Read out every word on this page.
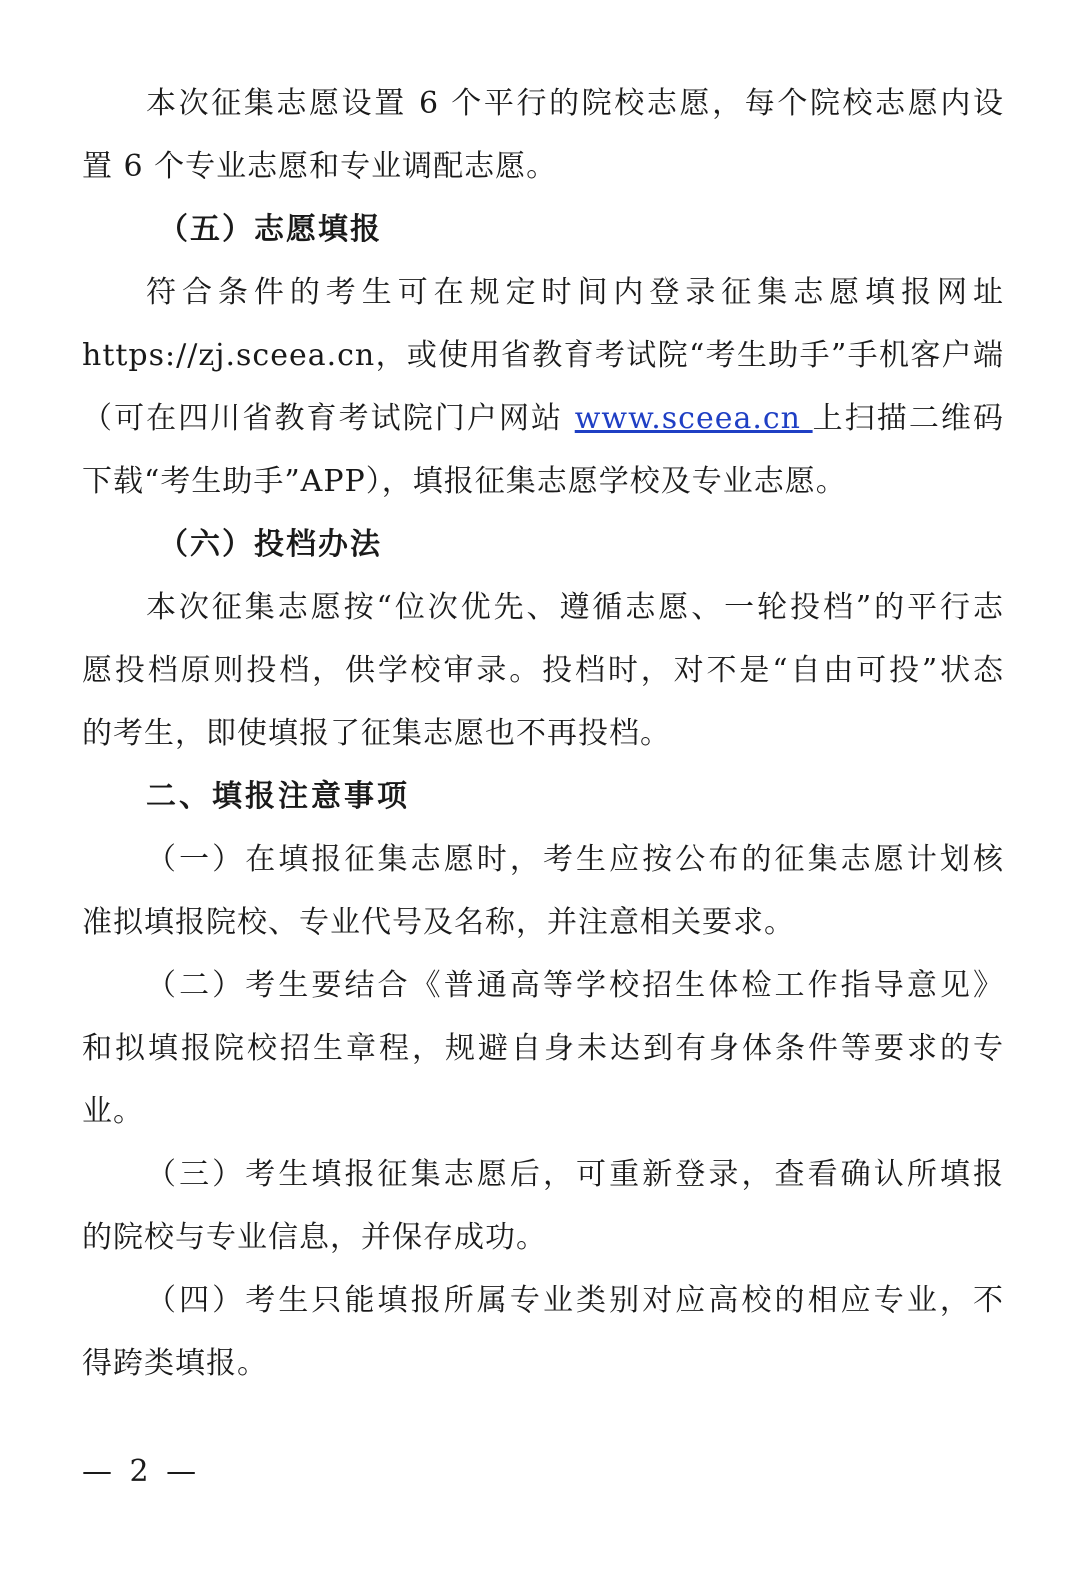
本次征集志愿设置 6 个平行的院校志愿，每个院校志愿内设
置 6 个专业志愿和专业调配志愿。
（五）志愿填报
符合条件的考生可在规定时间内登录征集志愿填报网址
https://zj.sceea.cn，或使用省教育考试院“考生助手”手机客户端
（可在四川省教育考试院门户网站 www.sceea.cn 上扫描二维码
下载“考生助手”APP），填报征集志愿学校及专业志愿。
（六）投档办法
本次征集志愿按“位次优先、遵循志愿、一轮投档”的平行志
愿投档原则投档，供学校审录。投档时，对不是“自由可投”状态
的考生，即使填报了征集志愿也不再投档。
二、填报注意事项
（一）在填报征集志愿时，考生应按公布的征集志愿计划核
准拟填报院校、专业代号及名称，并注意相关要求。
（二）考生要结合《普通高等学校招生体检工作指导意见》
和拟填报院校招生章程，规避自身未达到有身体条件等要求的专
业。
（三）考生填报征集志愿后，可重新登录，查看确认所填报
的院校与专业信息，并保存成功。
（四）考生只能填报所属专业类别对应高校的相应专业，不
得跨类填报。
— 2 —
